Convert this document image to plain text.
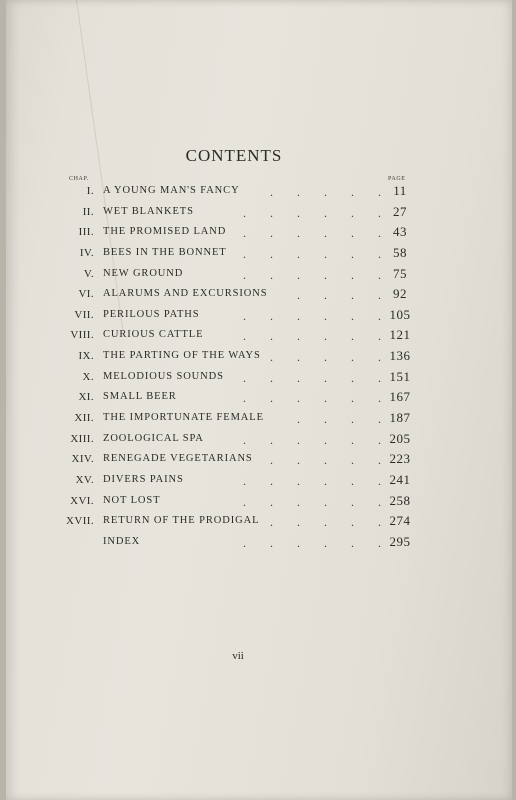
CONTENTS
CHAP.	PAGE
I. A YOUNG MAN'S FANCY	. . . . . 11
II. WET BLANKETS	. . . . . . 27
III. THE PROMISED LAND . . . . . . 43
IV. BEES IN THE BONNET . . . . . . 58
V. NEW GROUND	. . . . . . 75
VI. ALARUMS AND EXCURSIONS . . . . 92
VII. PERILOUS PATHS	. . . . . . 105
VIII. CURIOUS CATTLE	. . . . . . 121
IX. THE PARTING OF THE WAYS . . . . . 136
X. MELODIOUS SOUNDS . . . . . . 151
XI. SMALL BEER	. . . . . . 167
XII. THE IMPORTUNATE FEMALE	. . . . 187
XIII. ZOOLOGICAL SPA	. . . . . . 205
XIV. RENEGADE VEGETARIANS . . . . . 223
XV. DIVERS PAINS	. . . . . . 241
XVI. NOT LOST	. . . . . . 258
XVII. RETURN OF THE PRODIGAL . . . . . 274
INDEX	. . . . . . 295
vii
